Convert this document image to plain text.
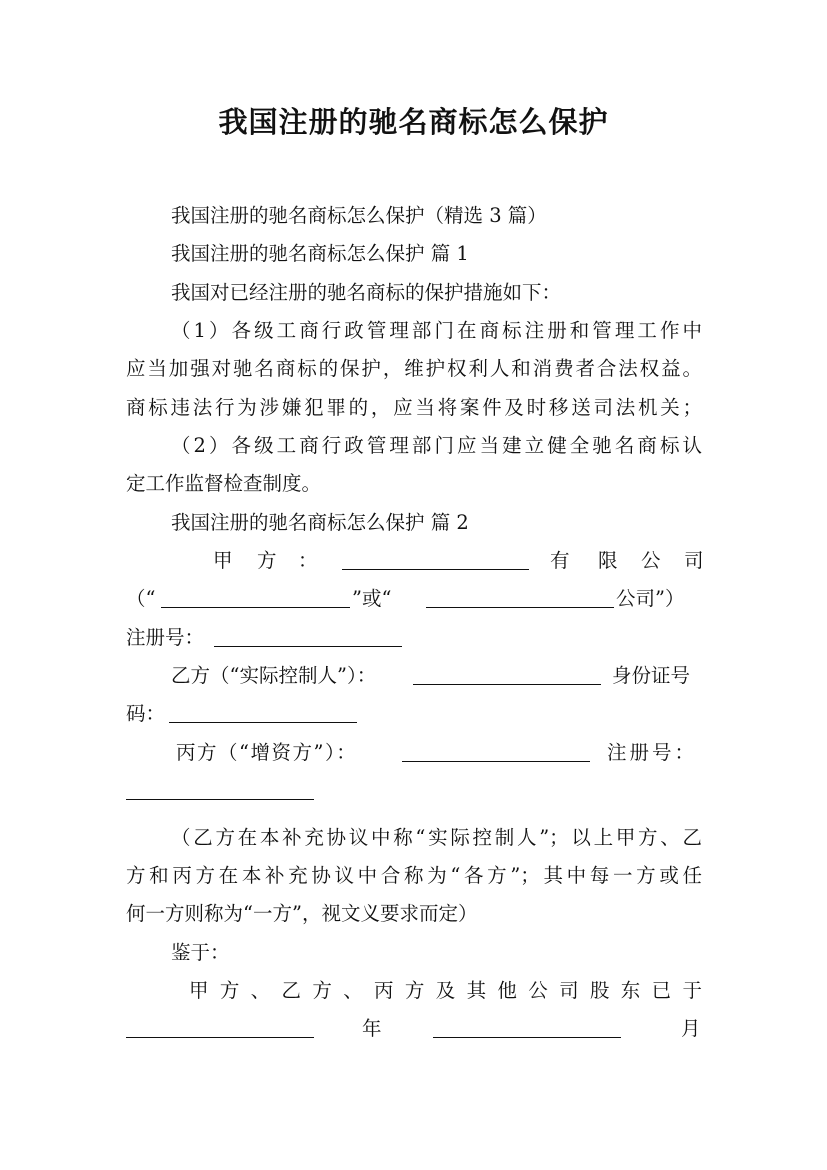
我国注册的驰名商标怎么保护
我国注册的驰名商标怎么保护（精选 3 篇）
我国注册的驰名商标怎么保护 篇 1
我国对已经注册的驰名商标的保护措施如下：
（1）各级工商行政管理部门在商标注册和管理工作中
应当加强对驰名商标的保护，维护权利人和消费者合法权益。
商标违法行为涉嫌犯罪的，应当将案件及时移送司法机关；
（2）各级工商行政管理部门应当建立健全驰名商标认
定工作监督检查制度。
我国注册的驰名商标怎么保护 篇 2
甲 方 ：	有 限 公 司
（“	”或“	公司”）
注册号：
乙方（“实际控制人”）：	身份证号
码：
丙方（“增资方”）：	注册号：
（乙方在本补充协议中称“实际控制人”；以上甲方、乙
方和丙方在本补充协议中合称为“各方”；其中每一方或任
何一方则称为“一方”，视文义要求而定）
鉴于：
甲方、乙方、丙方及其他公司股东已于
年	月
